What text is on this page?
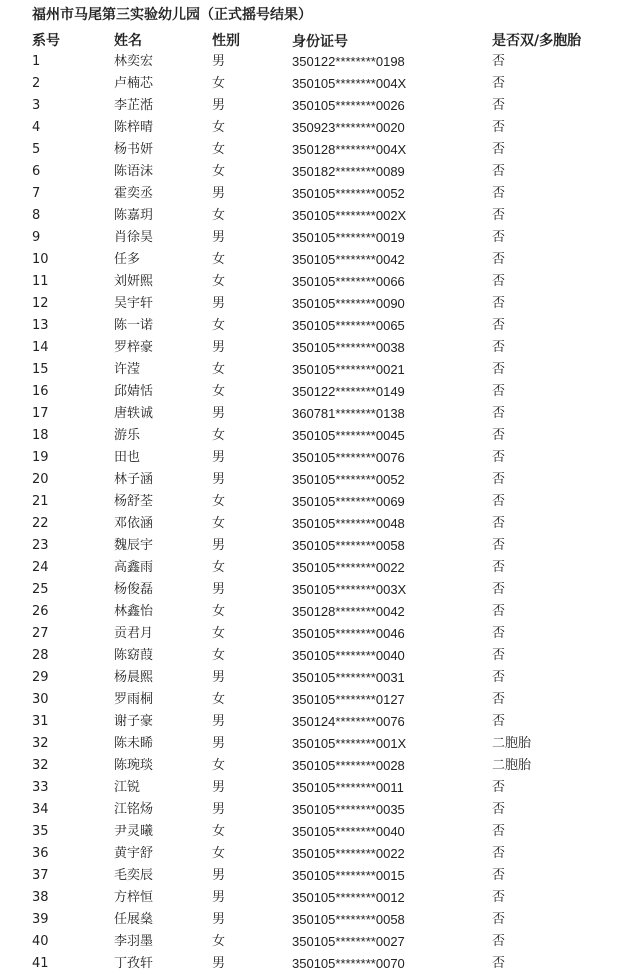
福州市马尾第三实验幼儿园（正式摇号结果）
系号	姓名	性别	身份证号	是否双/多胞胎
1	林奕宏	男	350122********0198	否
2	卢楠芯	女	350105********004X	否
3	李芷湉	男	350105********0026	否
4	陈梓晴	女	350923********0020	否
5	杨书妍	女	350128********004X	否
6	陈语沫	女	350182********0089	否
7	霍奕丞	男	350105********0052	否
8	陈嘉玥	女	350105********002X	否
9	肖徐昊	男	350105********0019	否
10	任多	女	350105********0042	否
11	刘妍熙	女	350105********0066	否
12	吴宇轩	男	350105********0090	否
13	陈一诺	女	350105********0065	否
14	罗梓豪	男	350105********0038	否
15	许滢	女	350105********0021	否
16	邱婧恬	女	350122********0149	否
17	唐轶诚	男	360781********0138	否
18	游乐	女	350105********0045	否
19	田也	男	350105********0076	否
20	林子涵	男	350105********0052	否
21	杨舒荃	女	350105********0069	否
22	邓依涵	女	350105********0048	否
23	魏辰宇	男	350105********0058	否
24	高鑫雨	女	350105********0022	否
25	杨俊磊	男	350105********003X	否
26	林鑫怡	女	350128********0042	否
27	贡君月	女	350105********0046	否
28	陈窈葭	女	350105********0040	否
29	杨晨熙	男	350105********0031	否
30	罗雨桐	女	350105********0127	否
31	谢子豪	男	350124********0076	否
32	陈未睎	男	350105********001X	二胞胎
32	陈琬琰	女	350105********0028	二胞胎
33	江锐	男	350105********0011	否
34	江铭炀	男	350105********0035	否
35	尹灵曦	女	350105********0040	否
36	黄宇舒	女	350105********0022	否
37	毛奕辰	男	350105********0015	否
38	方梓恒	男	350105********0012	否
39	任展燊	男	350105********0058	否
40	李羽墨	女	350105********0027	否
41	丁孜轩	男	350105********0070	否
